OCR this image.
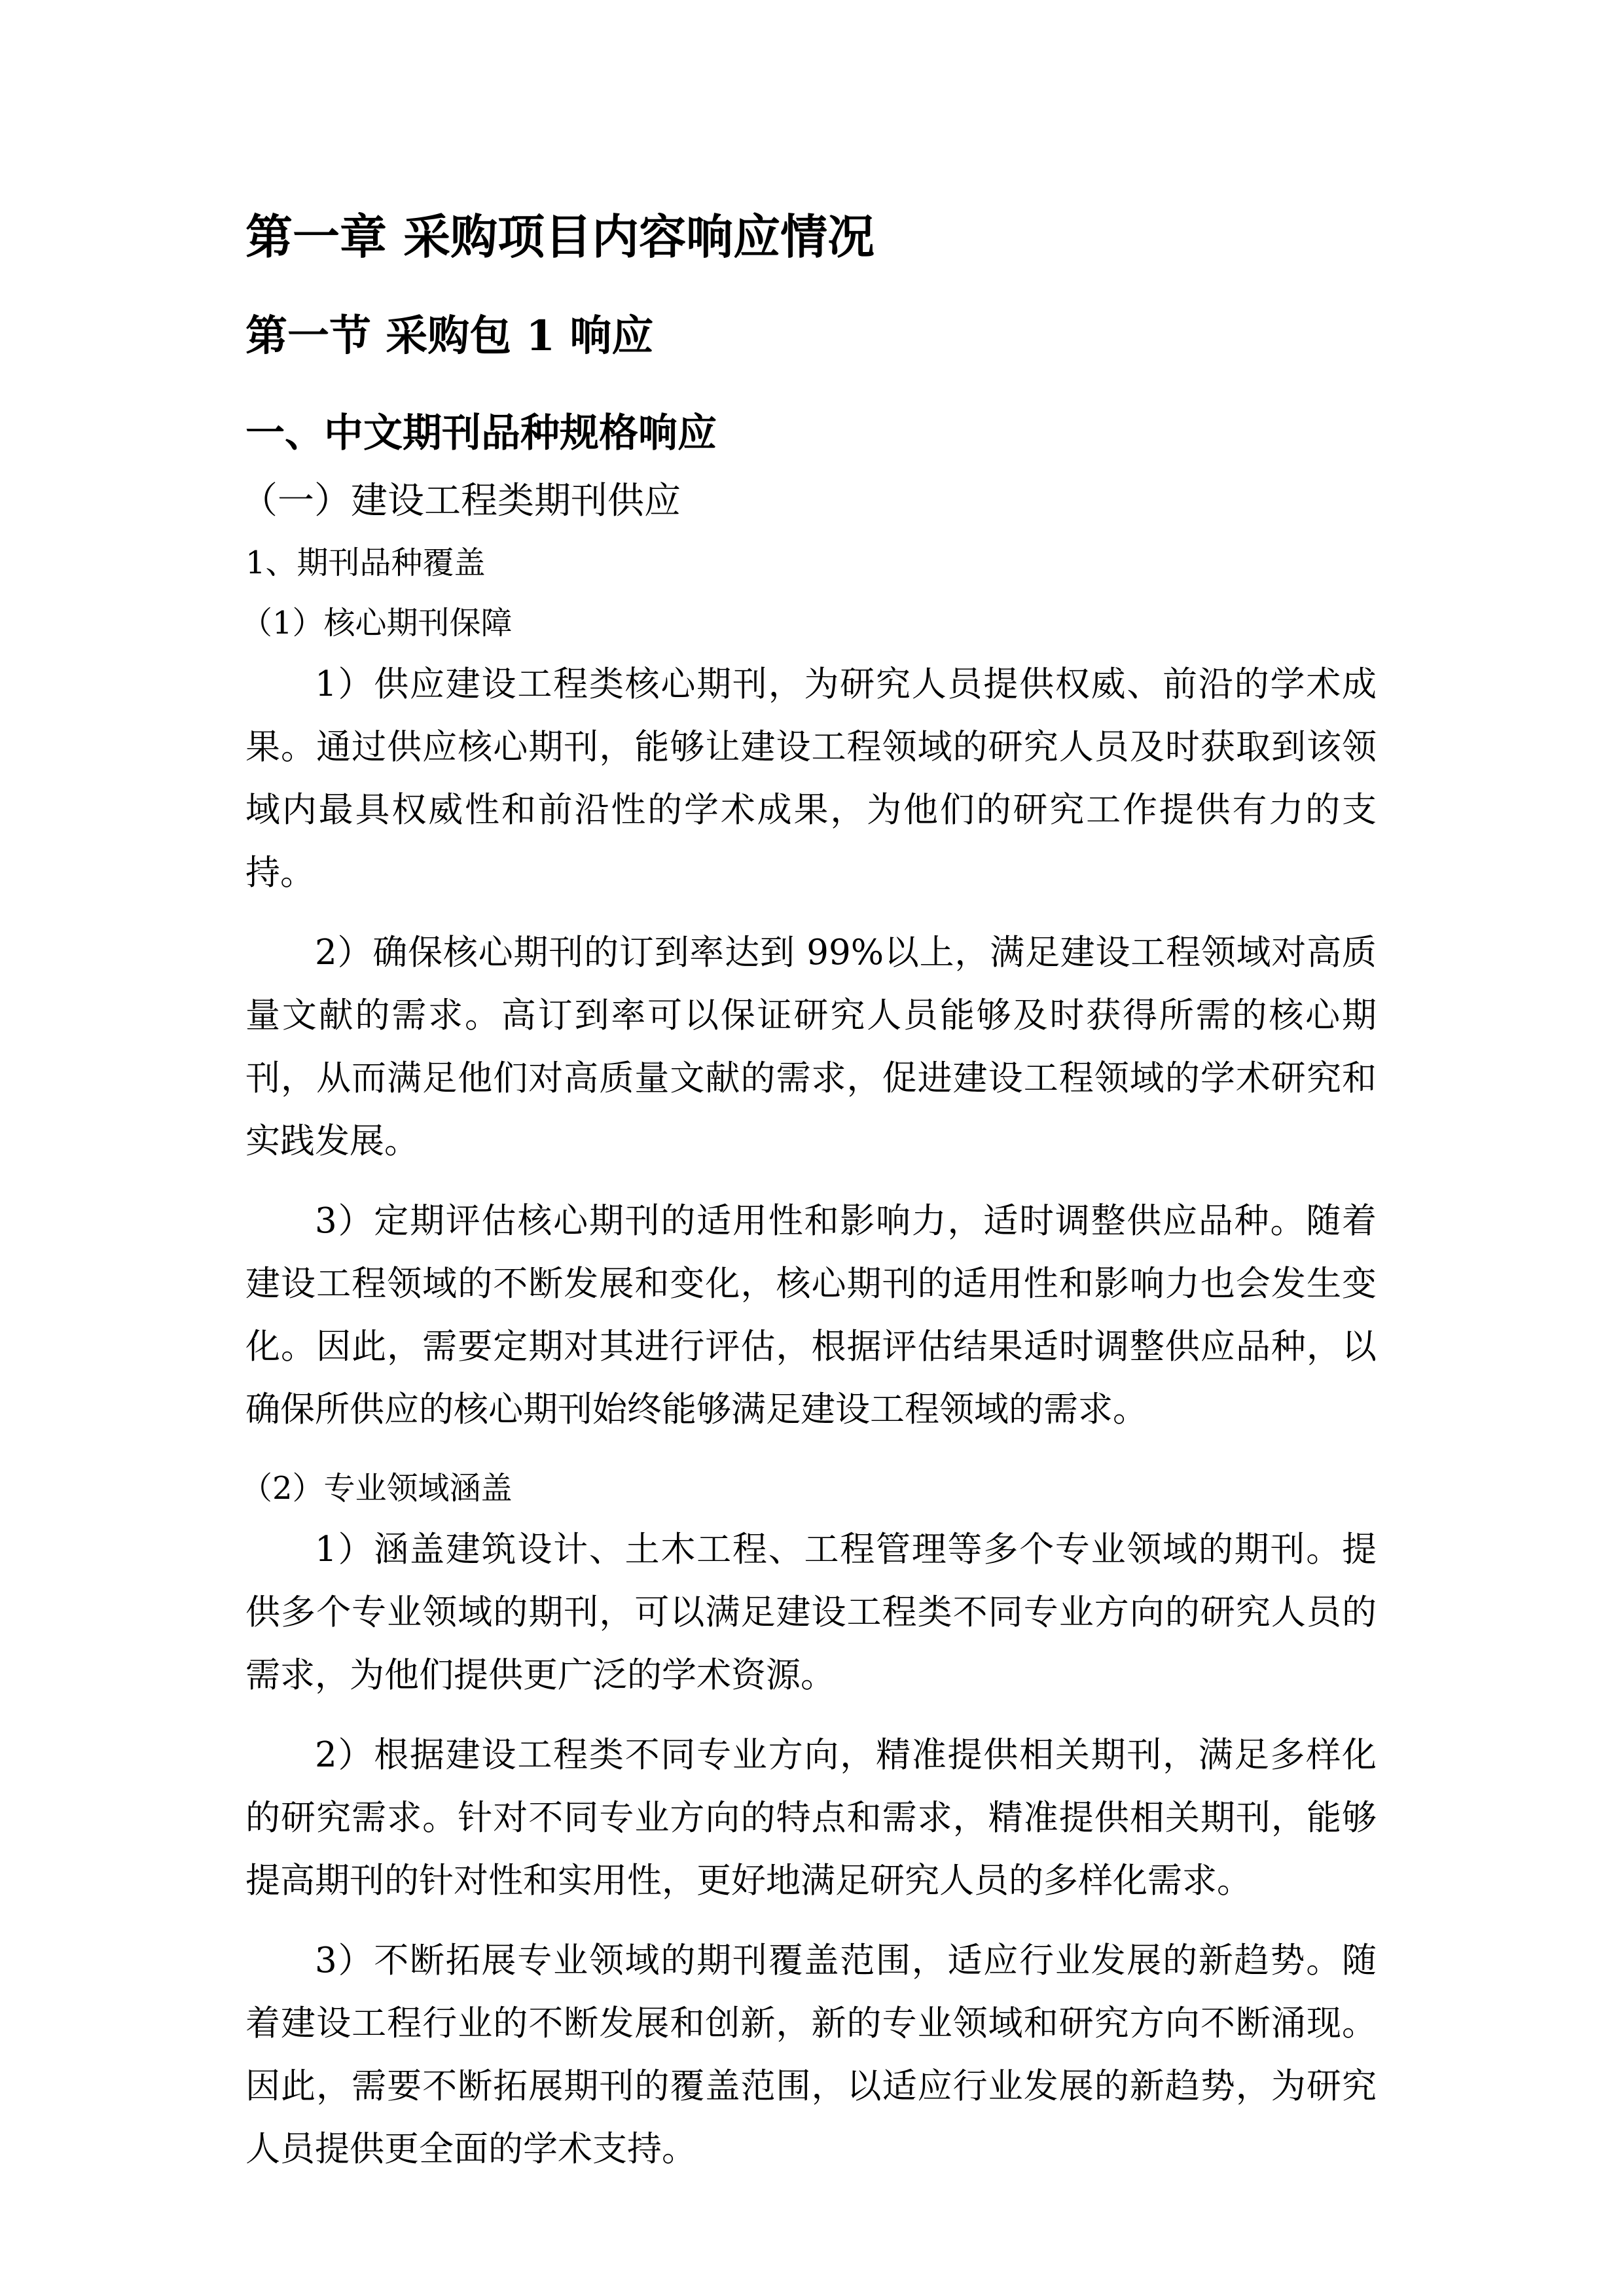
第一章 采购项目内容响应情况
第一节 采购包 1 响应
一、中文期刊品种规格响应
（一）建设工程类期刊供应
1、期刊品种覆盖
（1）核心期刊保障

1）供应建设工程类核心期刊，为研究人员提供权威、前沿的学术成果。通过供应核心期刊，能够让建设工程领域的研究人员及时获取到该领域内最具权威性和前沿性的学术成果，为他们的研究工作提供有力的支持。

2）确保核心期刊的订到率达到 99%以上，满足建设工程领域对高质量文献的需求。高订到率可以保证研究人员能够及时获得所需的核心期刊，从而满足他们对高质量文献的需求，促进建设工程领域的学术研究和实践发展。

3）定期评估核心期刊的适用性和影响力，适时调整供应品种。随着建设工程领域的不断发展和变化，核心期刊的适用性和影响力也会发生变化。因此，需要定期对其进行评估，根据评估结果适时调整供应品种，以确保所供应的核心期刊始终能够满足建设工程领域的需求。

（2）专业领域涵盖

1）涵盖建筑设计、土木工程、工程管理等多个专业领域的期刊。提供多个专业领域的期刊，可以满足建设工程类不同专业方向的研究人员的需求，为他们提供更广泛的学术资源。

2）根据建设工程类不同专业方向，精准提供相关期刊，满足多样化的研究需求。针对不同专业方向的特点和需求，精准提供相关期刊，能够提高期刊的针对性和实用性，更好地满足研究人员的多样化需求。

3）不断拓展专业领域的期刊覆盖范围，适应行业发展的新趋势。随着建设工程行业的不断发展和创新，新的专业领域和研究方向不断涌现。因此，需要不断拓展期刊的覆盖范围，以适应行业发展的新趋势，为研究人员提供更全面的学术支持。
